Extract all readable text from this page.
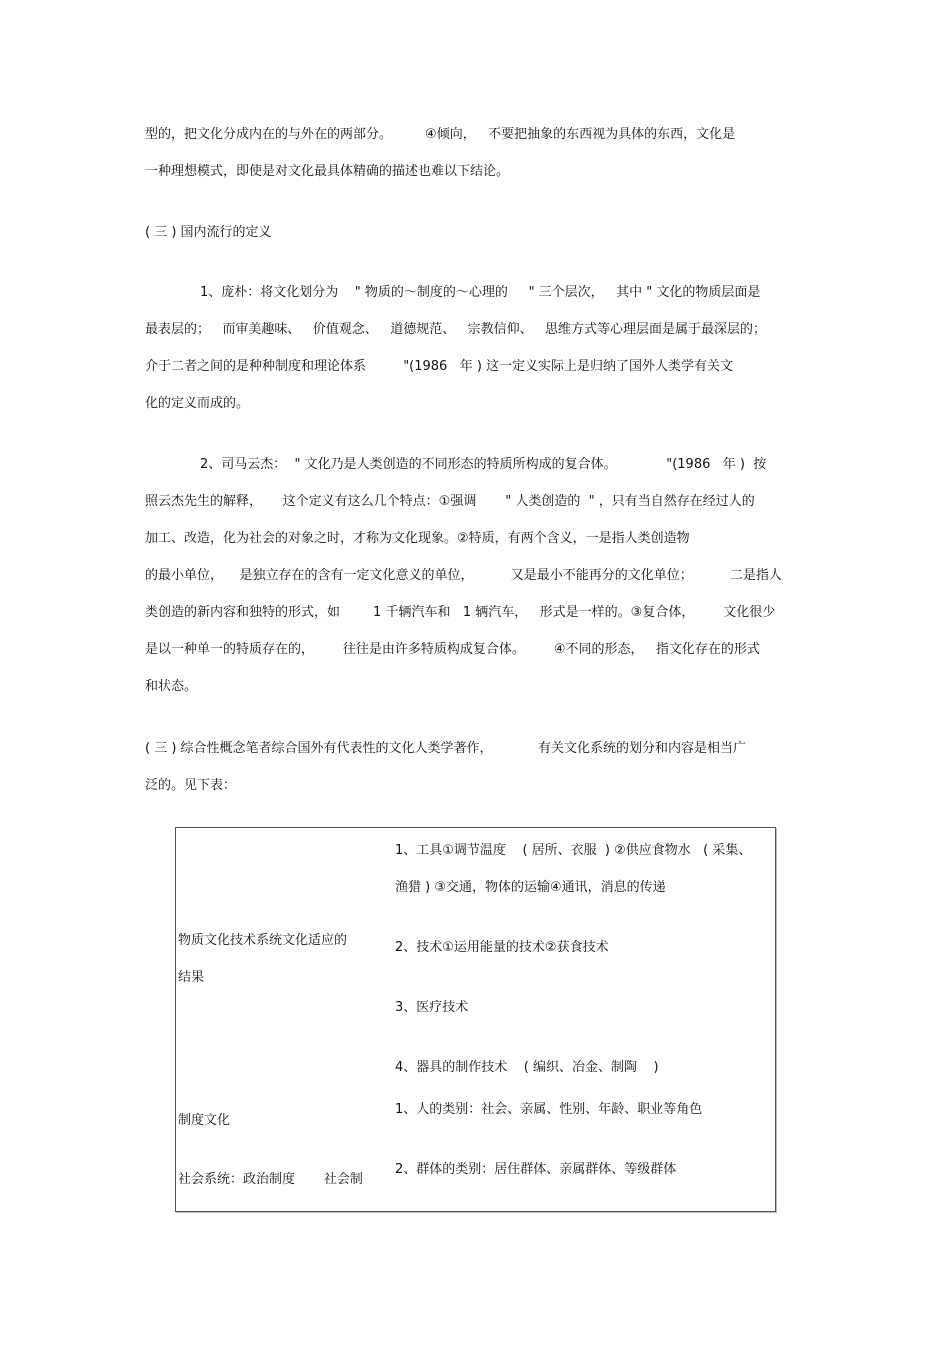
型的，把文化分成内在的与外在的两部分。        ④倾向，   不要把抽象的东西视为具体的东西，文化是
一种理想模式，即使是对文化最具体精确的描述也难以下结论。
( 三 ) 国内流行的定义
1、庞朴：将文化划分为    " 物质的～制度的～心理的     " 三个层次，   其中 " 文化的物质层面是
最表层的；   而审美趣味、   价值观念、   道德规范、   宗教信仰、   思维方式等心理层面是属于最深层的；
介于二者之间的是种种制度和理论体系         "(1986   年 ) 这一定义实际上是归纳了国外人类学有关文
化的定义而成的。
2、司马云杰：  " 文化乃是人类创造的不同形态的特质所构成的复合体。            "(1986   年 )  按
照云杰先生的解释，     这个定义有这么几个特点：①强调       " 人类创造的  " ，只有当自然存在经过人的
加工、改造，化为社会的对象之时，才称为文化现象。②特质，有两个含义，一是指人类创造物
的最小单位，    是独立存在的含有一定文化意义的单位，         又是最小不能再分的文化单位；         二是指人
类创造的新内容和独特的形式，如        1 千辆汽车和   1 辆汽车，   形式是一样的。③复合体，       文化很少
是以一种单一的特质存在的，       往往是由许多特质构成复合体。       ④不同的形态，   指文化存在的形式
和状态。
( 三 ) 综合性概念笔者综合国外有代表性的文化人类学著作，           有关文化系统的划分和内容是相当广
泛的。见下表：
物质文化技术系统文化适应的
结果
制度文化
社会系统：政治制度       社会制
1、工具①调节温度    ( 居所、衣服  ) ②供应食物水   ( 采集、
渔猎 ) ③交通，物体的运输④通讯，消息的传递
2、技术①运用能量的技术②获食技术
3、医疗技术
4、器具的制作技术    ( 编织、冶金、制陶    )
1、人的类别：社会、亲属、性别、年龄、职业等角色
2、群体的类别：居住群体、亲属群体、等级群体
